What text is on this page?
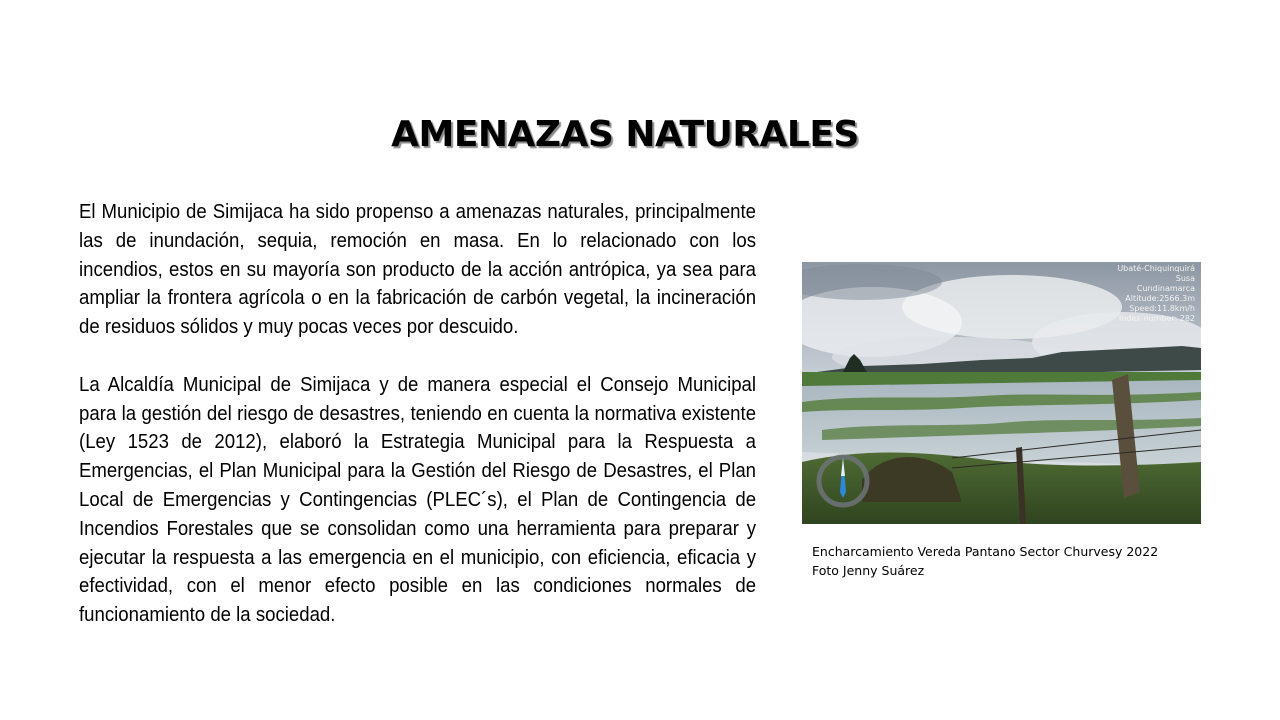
AMENAZAS NATURALES

El Municipio de Simijaca ha sido propenso a amenazas naturales, principalmente las de inundación, sequia, remoción en masa. En lo relacionado con los incendios, estos en su mayoría son producto de la acción antrópica, ya sea para ampliar la frontera agrícola o en la fabricación de carbón vegetal, la incineración de residuos sólidos y muy pocas veces por descuido.

La Alcaldía Municipal de Simijaca y de manera especial el Consejo Municipal para la gestión del riesgo de desastres, teniendo en cuenta la normativa existente (Ley 1523 de 2012), elaboró la Estrategia Municipal para la Respuesta a Emergencias, el Plan Municipal para la Gestión del Riesgo de Desastres, el Plan Local de Emergencias y Contingencias (PLEC´s), el Plan de Contingencia de Incendios Forestales que se consolidan como una herramienta para preparar y ejecutar la respuesta a las emergencia en el municipio, con eficiencia, eficacia y efectividad, con el menor efecto posible en las condiciones normales de funcionamiento de la sociedad.

Ubaté-Chiquinquirá
Susa
Cundinamarca
Altitude:2566.3m
Speed:11.8km/h
Index number: 282
Encharcamiento Vereda Pantano Sector Churvesy 2022
Foto Jenny Suárez
